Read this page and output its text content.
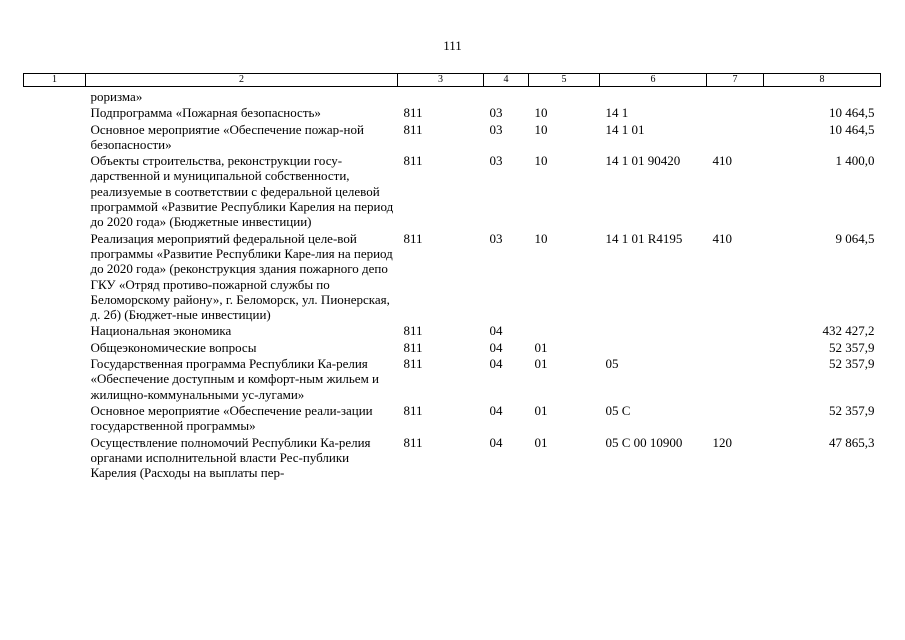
111
1	2	3	4	5	6	7	8
	роризма»						
	Подпрограмма «Пожарная безопасность»	811	03	10	14 1		10 464,5
	Основное мероприятие «Обеспечение пожар-ной безопасности»	811	03	10	14 1 01		10 464,5
	Объекты строительства, реконструкции госу-дарственной и муниципальной собственности, реализуемые в соответствии с федеральной целевой программой «Развитие Республики Карелия на период до 2020 года» (Бюджетные инвестиции)	811	03	10	14 1 01 90420	410	1 400,0
	Реализация мероприятий федеральной целе-вой программы «Развитие Республики Каре-лия на период до 2020 года» (реконструкция здания пожарного депо ГКУ «Отряд противо-пожарной службы по Беломорскому району», г. Беломорск, ул. Пионерская, д. 2б) (Бюджет-ные инвестиции)	811	03	10	14 1 01 R4195	410	9 064,5
	Национальная экономика	811	04				432 427,2
	Общеэкономические вопросы	811	04	01			52 357,9
	Государственная программа Республики Ка-релия «Обеспечение доступным и комфорт-ным жильем и жилищно-коммунальными ус-лугами»	811	04	01	05		52 357,9
	Основное мероприятие «Обеспечение реали-зации государственной программы»	811	04	01	05 С		52 357,9
	Осуществление полномочий Республики Ка-релия органами исполнительной власти Рес-публики Карелия (Расходы на выплаты пер-	811	04	01	05 С 00 10900	120	47 865,3
